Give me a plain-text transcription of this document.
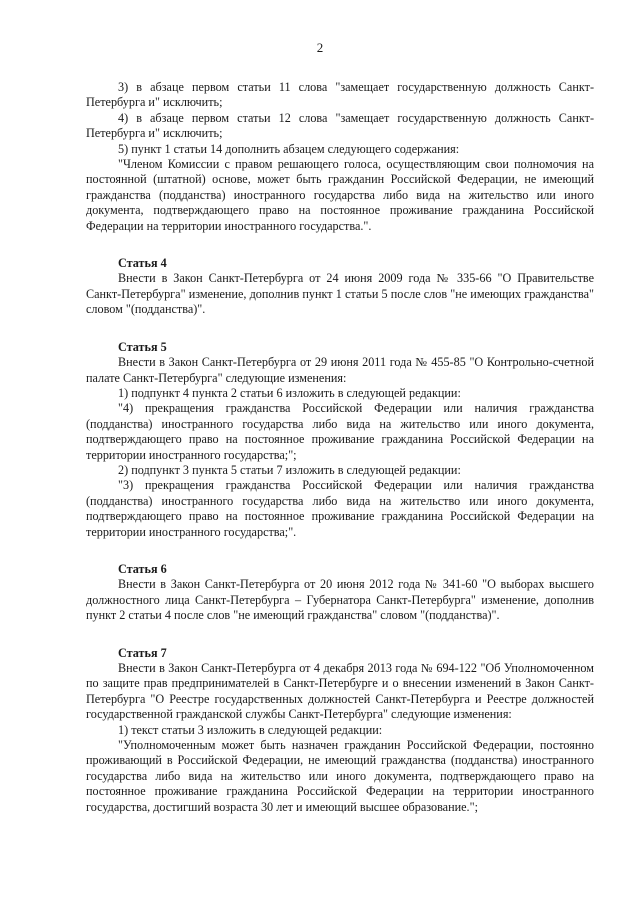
2

3) в абзаце первом статьи 11 слова "замещает государственную должность Санкт-Петербурга и" исключить;

4) в абзаце первом статьи 12 слова "замещает государственную должность Санкт-Петербурга и" исключить;

5) пункт 1 статьи 14 дополнить абзацем следующего содержания:

"Членом Комиссии с правом решающего голоса, осуществляющим свои полномочия на постоянной (штатной) основе, может быть гражданин Российской Федерации, не имеющий гражданства (подданства) иностранного государства либо вида на жительство или иного документа, подтверждающего право на постоянное проживание гражданина Российской Федерации на территории иностранного государства.".

Статья 4

Внести в Закон Санкт-Петербурга от 24 июня 2009 года № 335-66 "О Правительстве Санкт-Петербурга" изменение, дополнив пункт 1 статьи 5 после слов "не имеющих гражданства" словом "(подданства)".

Статья 5

Внести в Закон Санкт-Петербурга от 29 июня 2011 года № 455-85 "О Контрольно-счетной палате Санкт-Петербурга" следующие изменения:

1) подпункт 4 пункта 2 статьи 6 изложить в следующей редакции:

"4) прекращения гражданства Российской Федерации или наличия гражданства (подданства) иностранного государства либо вида на жительство или иного документа, подтверждающего право на постоянное проживание гражданина Российской Федерации на территории иностранного государства;";

2) подпункт 3 пункта 5 статьи 7 изложить в следующей редакции:

"3) прекращения гражданства Российской Федерации или наличия гражданства (подданства) иностранного государства либо вида на жительство или иного документа, подтверждающего право на постоянное проживание гражданина Российской Федерации на территории иностранного государства;".

Статья 6

Внести в Закон Санкт-Петербурга от 20 июня 2012 года № 341-60 "О выборах высшего должностного лица Санкт-Петербурга – Губернатора Санкт-Петербурга" изменение, дополнив пункт 2 статьи 4 после слов "не имеющий гражданства" словом "(подданства)".

Статья 7

Внести в Закон Санкт-Петербурга от 4 декабря 2013 года № 694-122 "Об Уполномоченном по защите прав предпринимателей в Санкт-Петербурге и о внесении изменений в Закон Санкт-Петербурга "О Реестре государственных должностей Санкт-Петербурга и Реестре должностей государственной гражданской службы Санкт-Петербурга" следующие изменения:

1) текст статьи 3 изложить в следующей редакции:

"Уполномоченным может быть назначен гражданин Российской Федерации, постоянно проживающий в Российской Федерации, не имеющий гражданства (подданства) иностранного государства либо вида на жительство или иного документа, подтверждающего право на постоянное проживание гражданина Российской Федерации на территории иностранного государства, достигший возраста 30 лет и имеющий высшее образование.";
